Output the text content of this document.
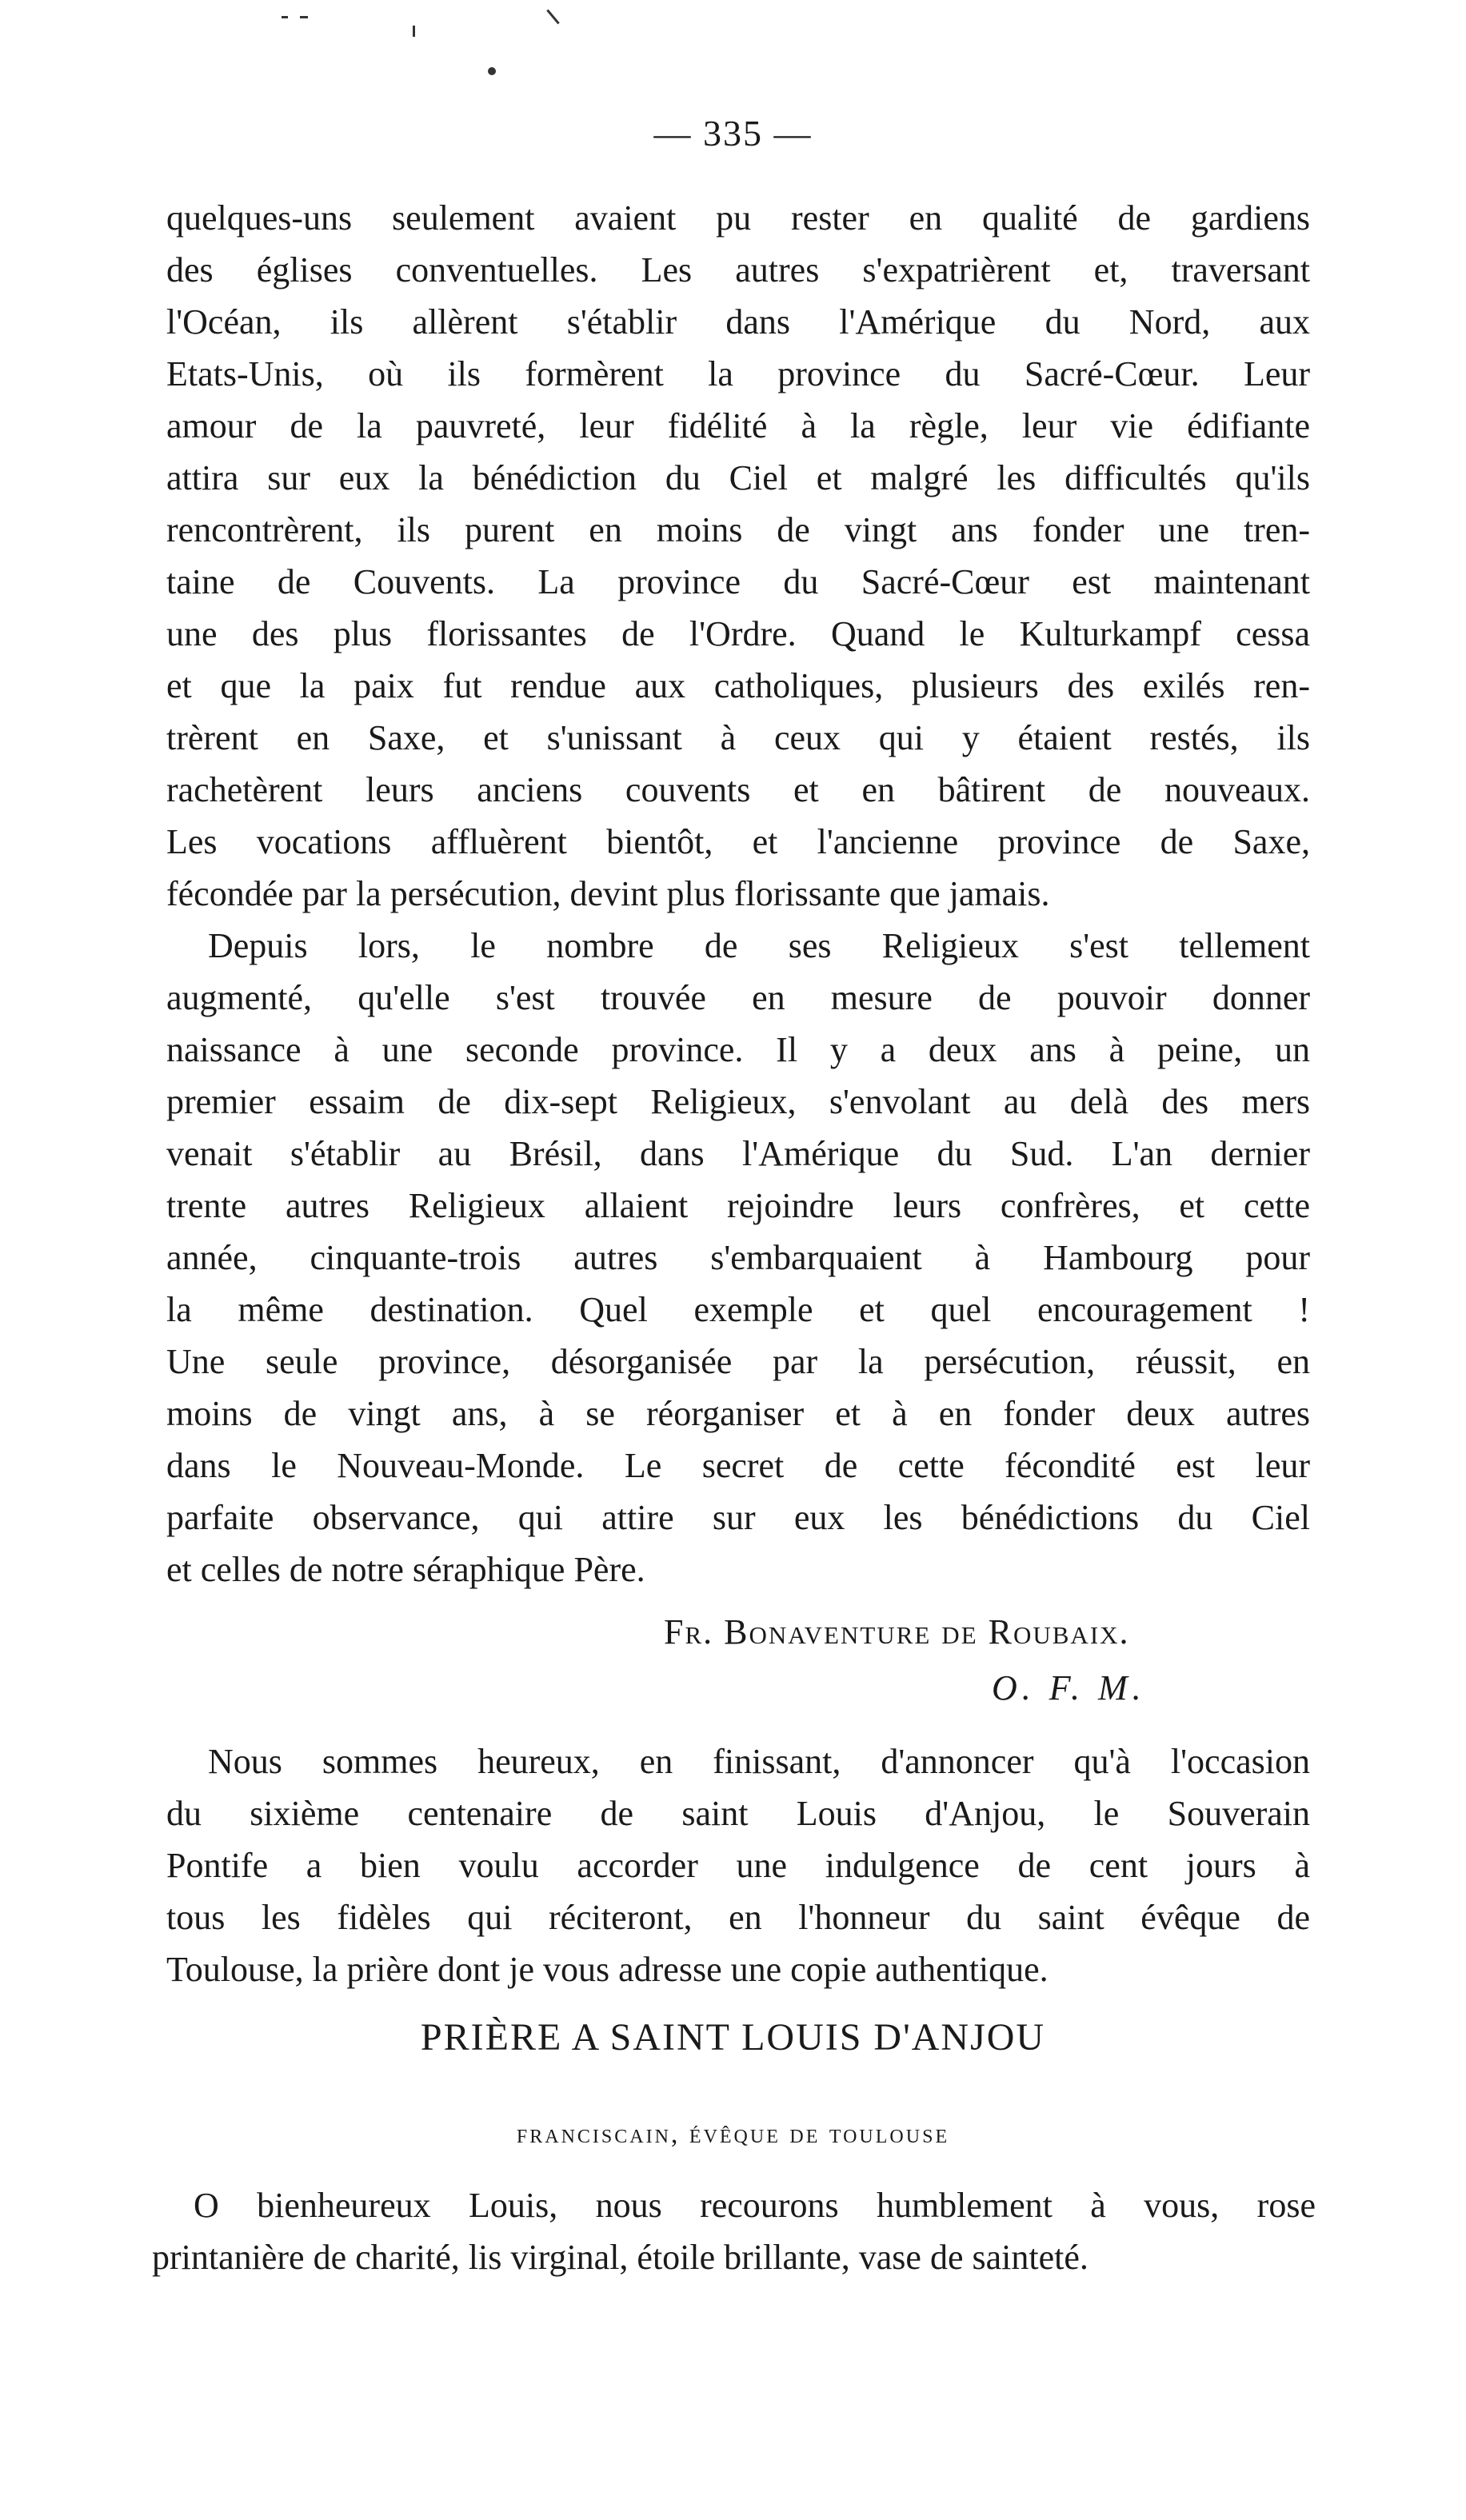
— 335 —
quelques-uns seulement avaient pu rester en qualité de gardiens
des églises conventuelles. Les autres s'expatrièrent et, traversant
l'Océan, ils allèrent s'établir dans l'Amérique du Nord, aux
Etats-Unis, où ils formèrent la province du Sacré-Cœur. Leur
amour de la pauvreté, leur fidélité à la règle, leur vie édifiante
attira sur eux la bénédiction du Ciel et malgré les difficultés qu'ils
rencontrèrent, ils purent en moins de vingt ans fonder une tren-
taine de Couvents. La province du Sacré-Cœur est maintenant
une des plus florissantes de l'Ordre. Quand le Kulturkampf cessa
et que la paix fut rendue aux catholiques, plusieurs des exilés ren-
trèrent en Saxe, et s'unissant à ceux qui y étaient restés, ils
rachetèrent leurs anciens couvents et en bâtirent de nouveaux.
Les vocations affluèrent bientôt, et l'ancienne province de Saxe,
fécondée par la persécution, devint plus florissante que jamais.
Depuis lors, le nombre de ses Religieux s'est tellement
augmenté, qu'elle s'est trouvée en mesure de pouvoir donner
naissance à une seconde province. Il y a deux ans à peine, un
premier essaim de dix-sept Religieux, s'envolant au delà des mers
venait s'établir au Brésil, dans l'Amérique du Sud. L'an dernier
trente autres Religieux allaient rejoindre leurs confrères, et cette
année, cinquante-trois autres s'embarquaient à Hambourg pour
la même destination. Quel exemple et quel encouragement !
Une seule province, désorganisée par la persécution, réussit, en
moins de vingt ans, à se réorganiser et à en fonder deux autres
dans le Nouveau-Monde. Le secret de cette fécondité est leur
parfaite observance, qui attire sur eux les bénédictions du Ciel
et celles de notre séraphique Père.
Fr. Bonaventure de Roubaix.
O. F. M.
Nous sommes heureux, en finissant, d'annoncer qu'à l'occasion
du sixième centenaire de saint Louis d'Anjou, le Souverain
Pontife a bien voulu accorder une indulgence de cent jours à
tous les fidèles qui réciteront, en l'honneur du saint évêque de
Toulouse, la prière dont je vous adresse une copie authentique.
PRIÈRE A SAINT LOUIS D'ANJOU
franciscain, évêque de toulouse
O bienheureux Louis, nous recourons humblement à vous, rose
printanière de charité, lis virginal, étoile brillante, vase de sainteté.
